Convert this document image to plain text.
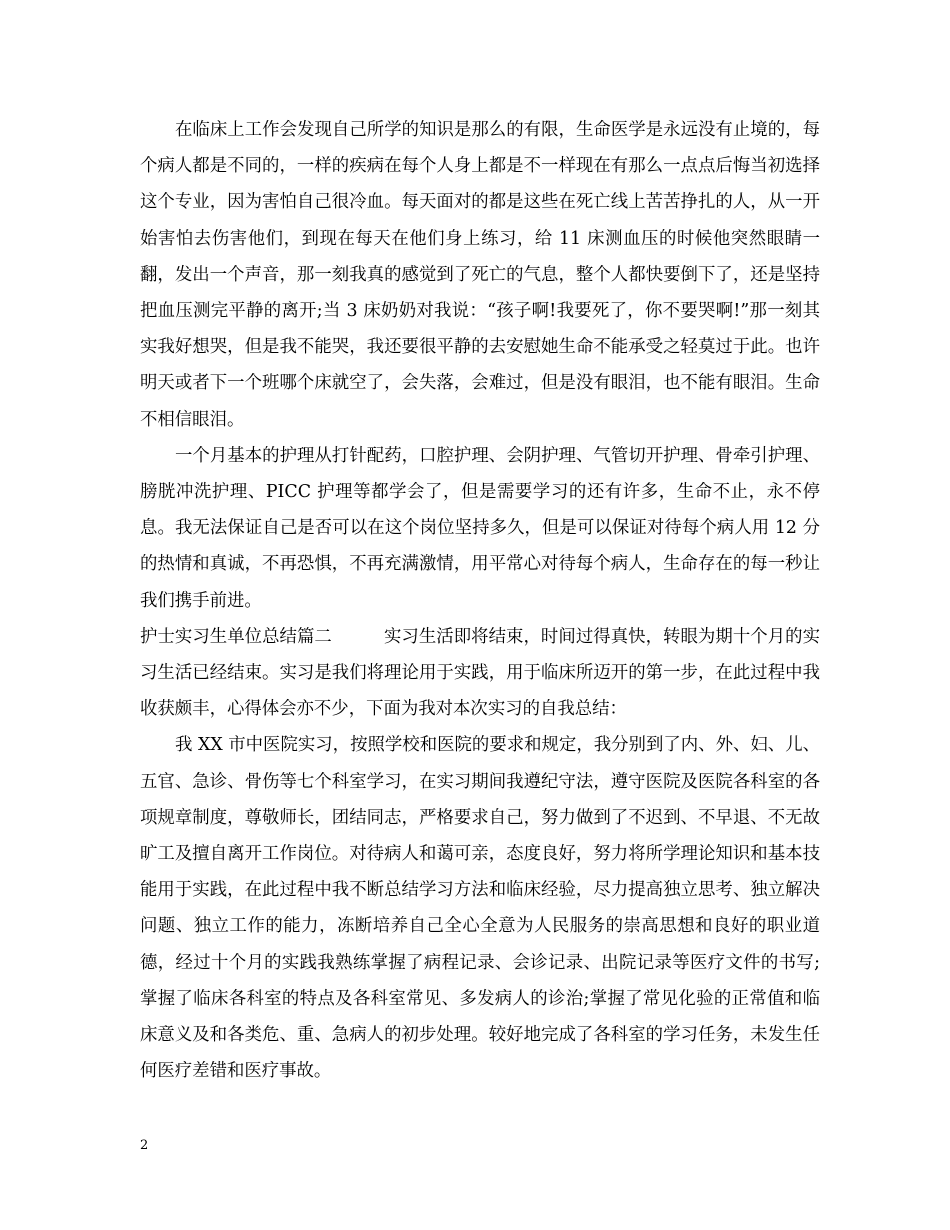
在临床上工作会发现自己所学的知识是那么的有限，生命医学是永远没有止境的，每个病人都是不同的，一样的疾病在每个人身上都是不一样现在有那么一点点后悔当初选择这个专业，因为害怕自己很冷血。每天面对的都是这些在死亡线上苦苦挣扎的人，从一开始害怕去伤害他们，到现在每天在他们身上练习，给 11 床测血压的时候他突然眼睛一翻，发出一个声音，那一刻我真的感觉到了死亡的气息，整个人都快要倒下了，还是坚持把血压测完平静的离开;当 3 床奶奶对我说：“孩子啊!我要死了，你不要哭啊!”那一刻其实我好想哭，但是我不能哭，我还要很平静的去安慰她生命不能承受之轻莫过于此。也许明天或者下一个班哪个床就空了，会失落，会难过，但是没有眼泪，也不能有眼泪。生命不相信眼泪。

一个月基本的护理从打针配药，口腔护理、会阴护理、气管切开护理、骨牵引护理、膀胱冲洗护理、PICC 护理等都学会了，但是需要学习的还有许多，生命不止，永不停息。我无法保证自己是否可以在这个岗位坚持多久，但是可以保证对待每个病人用 12 分的热情和真诚，不再恐惧，不再充满激情，用平常心对待每个病人，生命存在的每一秒让我们携手前进。

护士实习生单位总结篇二	实习生活即将结束，时间过得真快，转眼为期十个月的实习生活已经结束。实习是我们将理论用于实践，用于临床所迈开的第一步，在此过程中我收获颇丰，心得体会亦不少，下面为我对本次实习的自我总结：

我 XX 市中医院实习，按照学校和医院的要求和规定，我分别到了内、外、妇、儿、五官、急诊、骨伤等七个科室学习，在实习期间我遵纪守法，遵守医院及医院各科室的各项规章制度，尊敬师长，团结同志，严格要求自己，努力做到了不迟到、不早退、不无故旷工及擅自离开工作岗位。对待病人和蔼可亲，态度良好，努力将所学理论知识和基本技能用于实践，在此过程中我不断总结学习方法和临床经验，尽力提高独立思考、独立解决问题、独立工作的能力，冻断培养自己全心全意为人民服务的崇高思想和良好的职业道德，经过十个月的实践我熟练掌握了病程记录、会诊记录、出院记录等医疗文件的书写;掌握了临床各科室的特点及各科室常见、多发病人的诊治;掌握了常见化验的正常值和临床意义及和各类危、重、急病人的初步处理。较好地完成了各科室的学习任务，未发生任何医疗差错和医疗事故。

2
